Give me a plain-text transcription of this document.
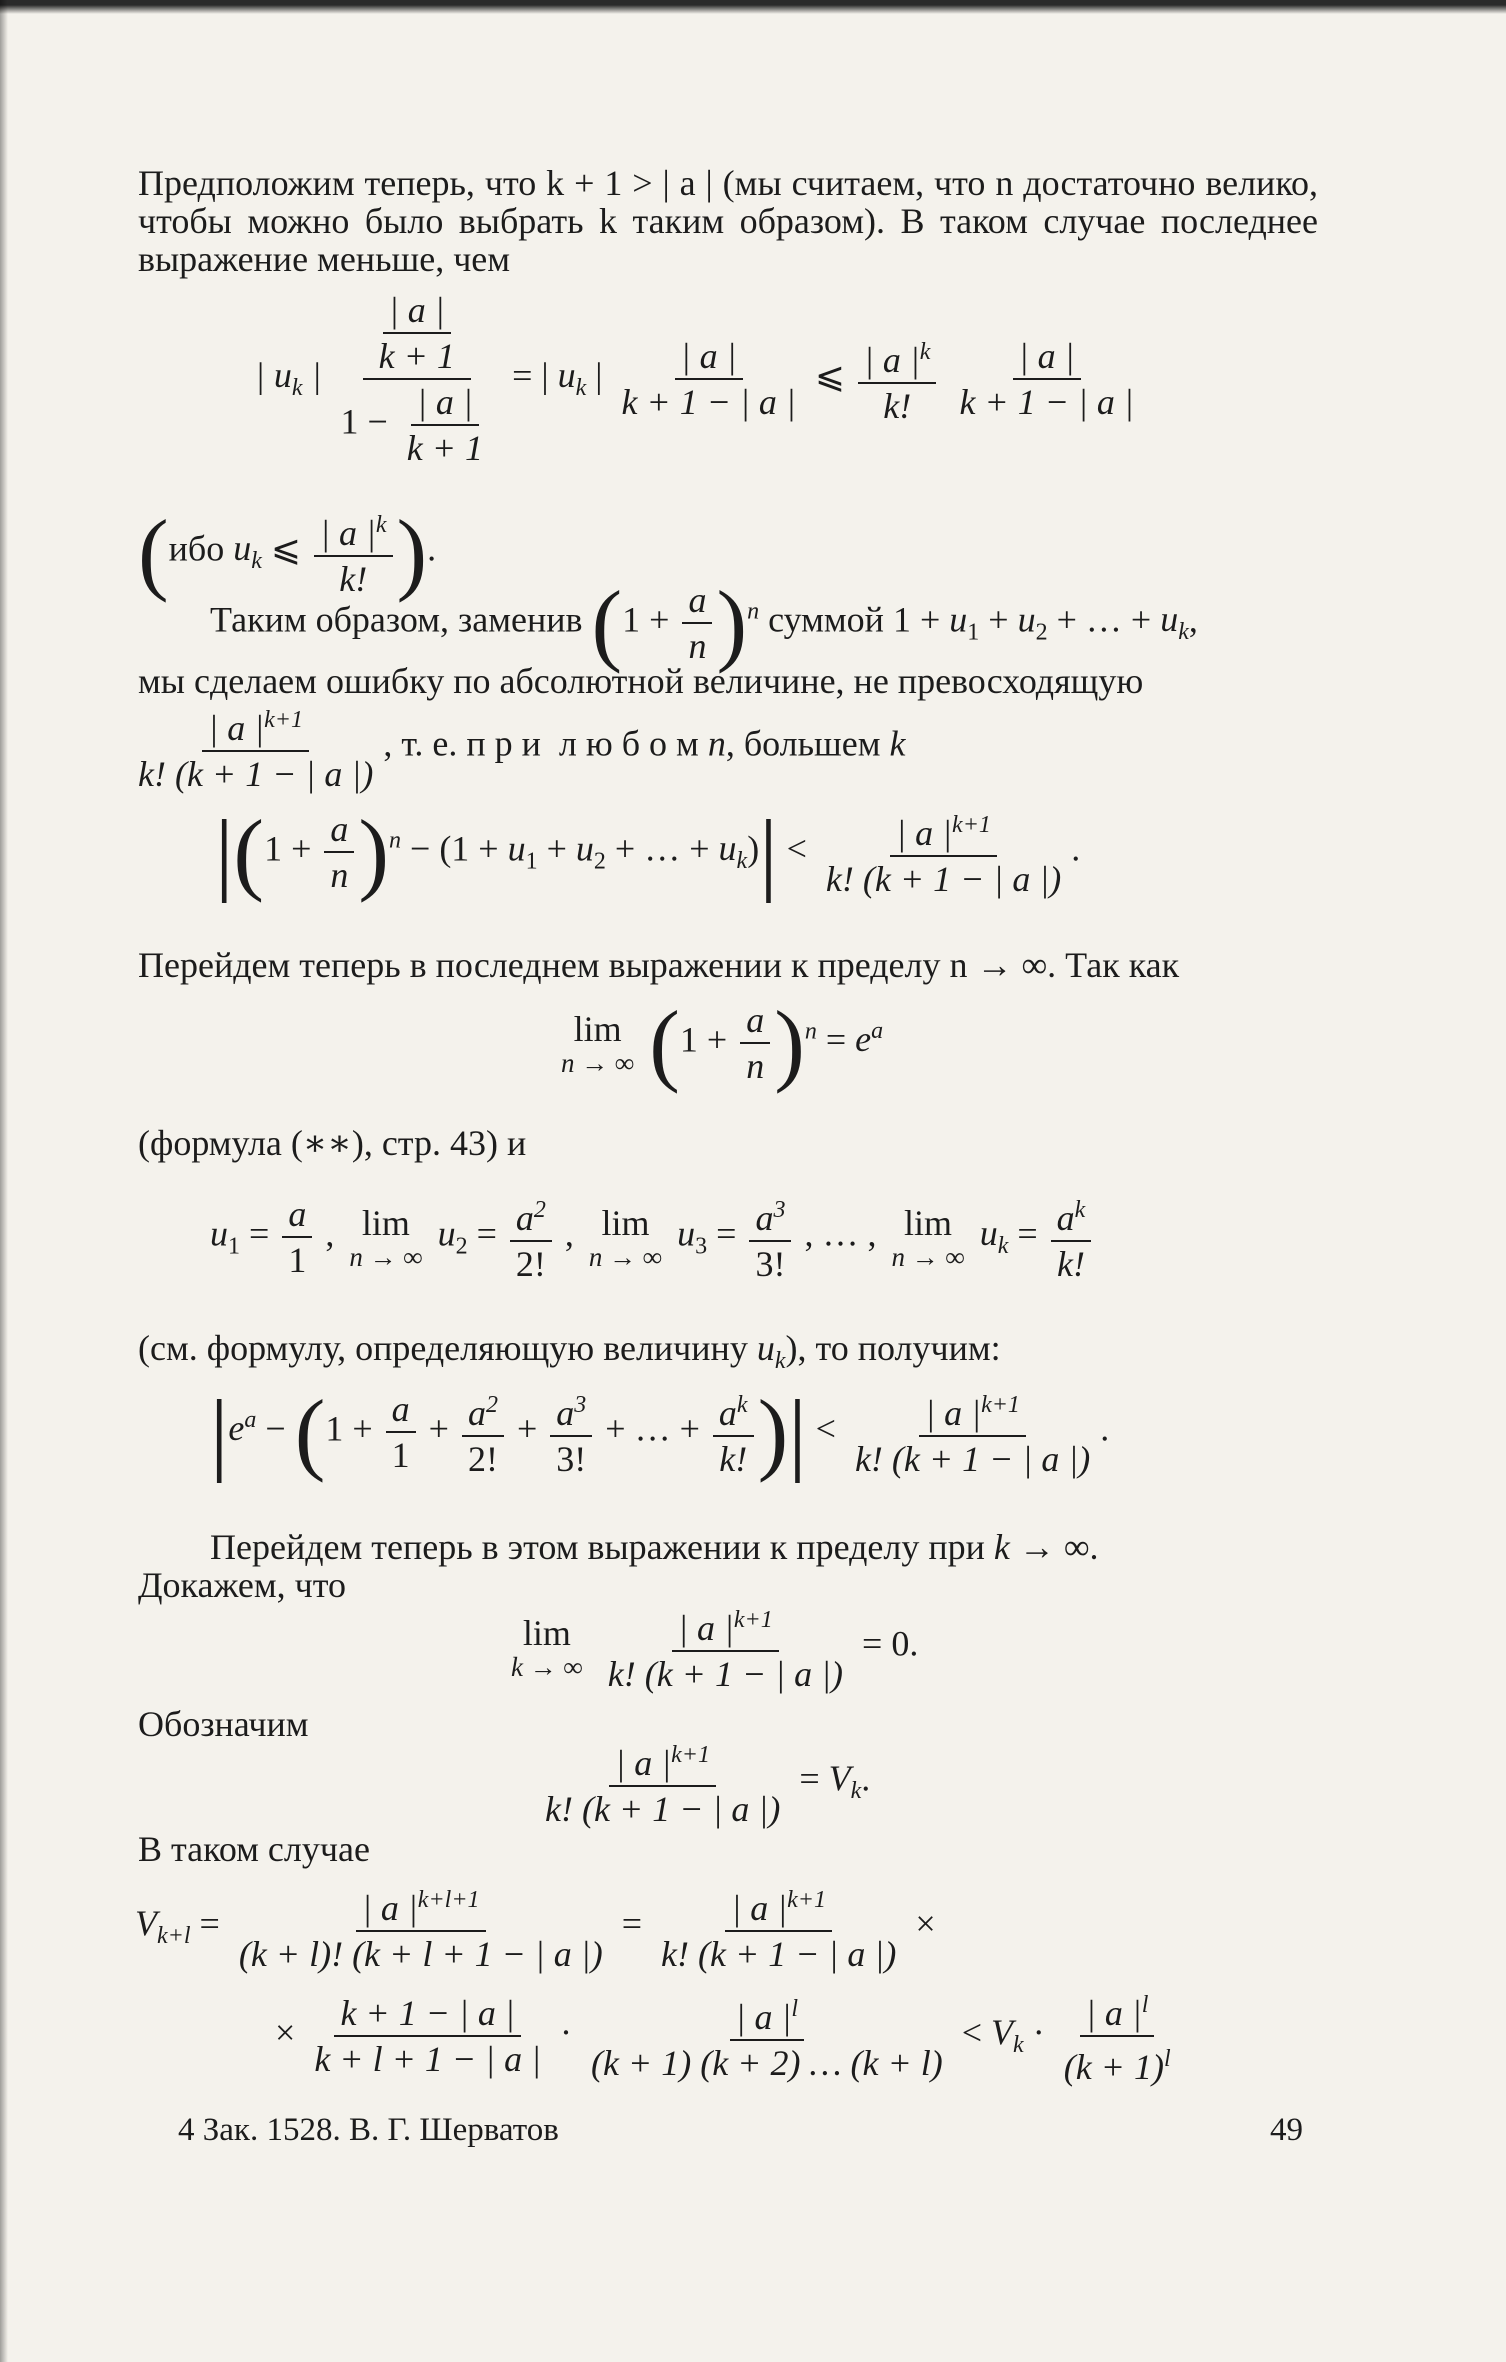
Предположим теперь, что k + 1 > | a | (мы считаем, что n достаточно велико, чтобы можно было выбрать k таким образом). В таком случае последнее выражение меньше, чем

| $u_k$ | $\frac{\frac{| a |}{k + 1}}{1 - \frac{| a |}{k + 1}}$ = | $u_k$ | $\frac{| a |}{k + 1 - | a |}$ ⩽ $\frac{| a |^k}{k!}$
$\frac{| a |}{k + 1 - | a |}$
(ибо $u_k$ ⩽ $\frac{| a |^k}{k!}$ ).
Таким образом, заменив $(1 + \frac{a}{n} )^n$ суммой $1 + u_1 + u_2$ + … + $u_k$,
мы сделаем ошибку по абсолютной величине, не превосходящую
$\frac{| a |^{k+1}}{k! (k + 1 - | a |)}$ , т. е. п р и  л ю б о м n, большем k
$|(1 + \frac{a}{n} )^n - (1 + u_1 + u_2$ + … + $u_k)| < \frac{| a |^{k+1}}{k! (k + 1 - | a |)}$ .
Перейдем теперь в последнем выражении к пределу n → ∞. Так как
lim
n → ∞ $(1 + \frac{a}{n} )^n = e^a$
(формула (∗∗), стр. 43) и
$u_1 = \frac{a}{1}$ , lim
n → ∞
$u_2 = \frac{a^2}{2!}$ , lim
n → ∞
$u_3 = \frac{a^3}{3!}$ , … , lim
n → ∞
$u_k = \frac{a^k}{k!}$
(см. формулу, определяющую величину $u_k$), то получим:
$|e^a - (1 + \frac{a}{1} + \frac{a^2}{2!} + \frac{a^3}{3!}$ + … + $\frac{a^k}{k!}$ )| < $\frac{| a |^{k+1}}{k! (k + 1 - | a |)}$ .
Перейдем теперь в этом выражении к пределу при k → ∞.
Докажем, что
lim
k → ∞
$\frac{| a |^{k+1}}{k! (k + 1 - | a |)} = 0$.
Обозначим
$\frac{| a |^{k+1}}{k! (k + 1 - | a |)} = V_k$.
В таком случае
$V_{k+l} = \frac{| a |^{k+l+1}}{(k + l)! (k + l + 1 - | a |)} = \frac{| a |^{k+1}}{k! (k + 1 - | a |)}$ ×
× $\frac{k + 1 - | a |}{k + l + 1 - | a |} \cdot \frac{| a |^l}{(k + 1) (k + 2) \dots (k + l)} < V_k \cdot \frac{| a |^l}{(k + 1)^l}$
4 Зак. 1528. В. Г. Шерватов	49
